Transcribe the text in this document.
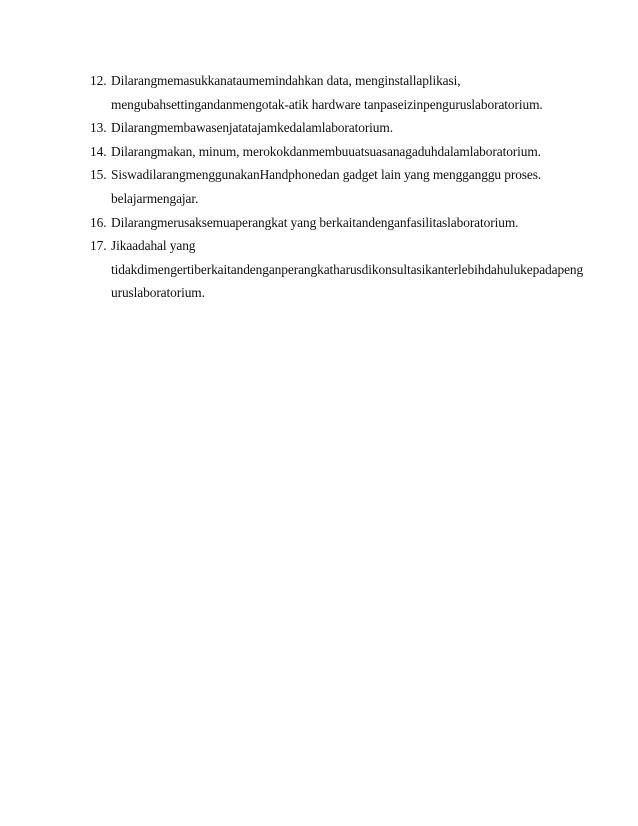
12. Dilarangmemasukkanataumemindahkan data, menginstallaplikasi,
mengubahsettingandanmengotak-atik hardware tanpaseizinpenguruslaboratorium.
13. Dilarangmembawasenjatatajamkedalamlaboratorium.
14. Dilarangmakan, minum, merokokdanmembuuatsuasanagaduhdalamlaboratorium.
15. SiswadilarangmenggunakanHandphonedan gadget lain yang mengganggu proses.
belajarmengajar.
16. Dilarangmerusaksemuaperangkat yang berkaitandenganfasilitaslaboratorium.
17. Jikaadahal yang
tidakdimengertiberkaitandenganperangkatharusdikonsultasikanterlebihdahulukepadapeng
uruslaboratorium.
